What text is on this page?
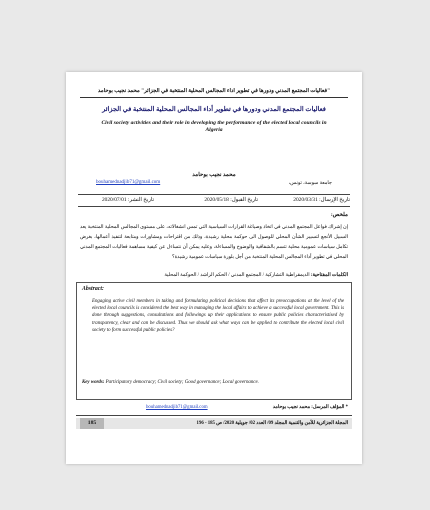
"فعاليات المجتمع المدني ودورها في تطوير أداء المجالس المحلية المنتخبة في الجزائر" محمد نجيب بوحامد
فعاليات المجتمع المدني ودورها في تطوير أداء المجالس المحلية المنتخبة في الجزائر
Civil society activities and their role in developing the performance of the elected local councils in Algeria
محمد نجيب بوحامد
جامعة سوسة، تونس،
bouhamednadjib71@gmail.com
تاريخ الإرسال: 2020/03/31
تاريخ القبول: 2020/05/18
تاريخ النشر: 2020/07/01
ملخص:
إن إشراك فواعل المجتمع المدني في اتخاذ وصياغة القرارات السياسية التي تمس انشغالاته، على مستوى المجالس المحلية المنتخبة يعد السبيل الأنجع لتسيير الشأن المحلي للوصول الى حوكمة محلية رشيدة، وذلك من اقتراحات ومشاورات ومتابعة لتنفيذ أعمالها، بغرض تكامل سياسات عمومية محلية تتسم بالشفافية والوضوح والمساءلة، وعليه يمكن أن نتساءل عن كيفية مساهمة فعاليات المجتمع المدني المحلي في تطوير أداء المجالس المحلية المنتخبة من أجل بلورة سياسات عمومية رشيدة؟
الكلمات المفتاحية: الديمقراطية التشاركية / المجتمع المدني / الحكم الراشد / الحوكمة المحلية
Abstract:
Engaging active civil members in taking and formulating political decisions that affect its preoccupations at the level of the elected local councils is considered the best way in managing the local affairs to achieve a successful local government. This is done through suggestions, consultations and followings up their applications to ensure public policies characteristised by transparency, clear and can be discussed. Thus we should ask what ways can be applied to contribute the elected local civil society to form successful public policies?
Key words: Participatory democracy; Civil society; Good governance; Local governance.
* المؤلف المرسل: محمد نجيب بوحامد
bouhamednadjib71@gmail.com
185	المجلة الجزائرية للأمن والتنمية المجلد 09/ العدد 02/ جويلية 2020/ ص 185 - 196
